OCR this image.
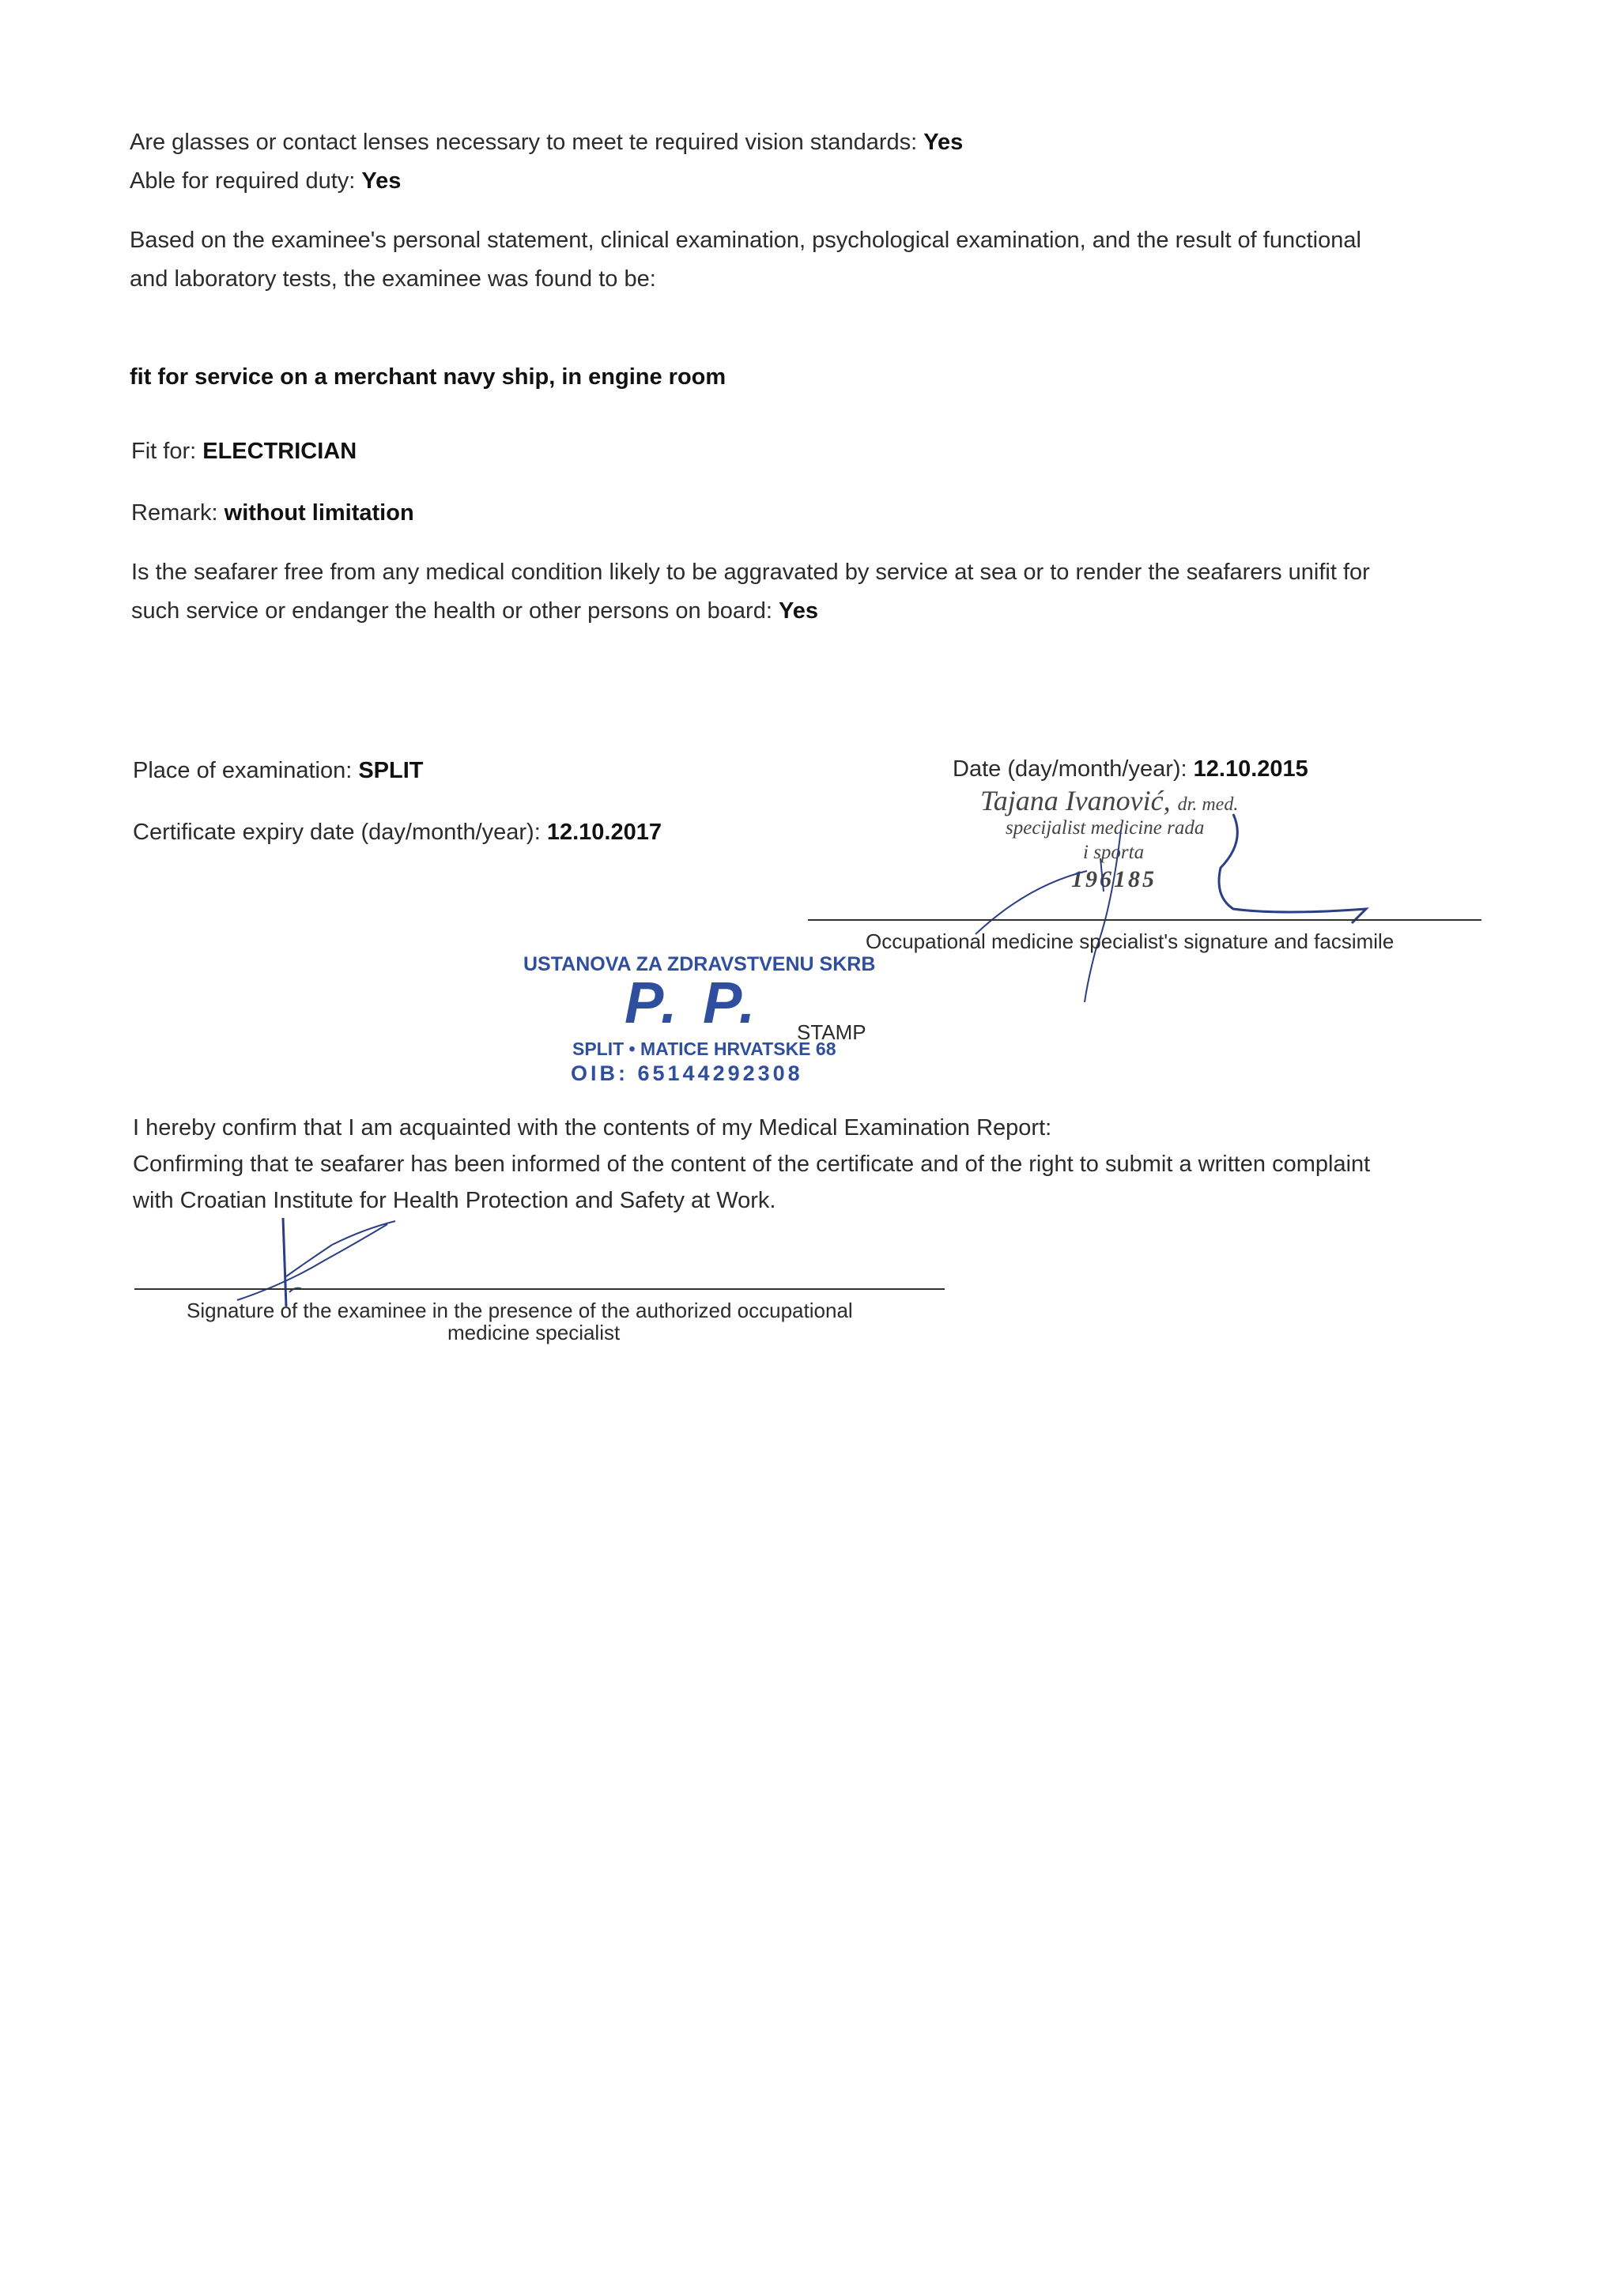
Are glasses or contact lenses necessary to meet te required vision standards: Yes
Able for required duty: Yes
Based on the examinee's personal statement, clinical examination, psychological examination, and the result of functional
and laboratory tests, the examinee was found to be:
fit for service on a merchant navy ship, in engine room
Fit for: ELECTRICIAN
Remark: without limitation
Is the seafarer free from any medical condition likely to be aggravated by service at sea or to render the seafarers unifit for
such service or endanger the health or other persons on board: Yes
Place of examination: SPLIT
Certificate expiry date (day/month/year): 12.10.2017
Date (day/month/year): 12.10.2015
Tajana Ivanović, dr. med.
specijalist medicine rada
i sporta
196185
Occupational medicine specialist's signature and facsimile
USTANOVA ZA ZDRAVSTVENU SKRB
P. P.
SPLIT • MATICE HRVATSKE 68
OIB: 65144292308
STAMP
I hereby confirm that I am acquainted with the contents of my Medical Examination Report:
Confirming that te seafarer has been informed of the content of the certificate and of the right to submit a written complaint
with Croatian Institute for Health Protection and Safety at Work.
Signature of the examinee in the presence of the authorized occupational
medicine specialist
